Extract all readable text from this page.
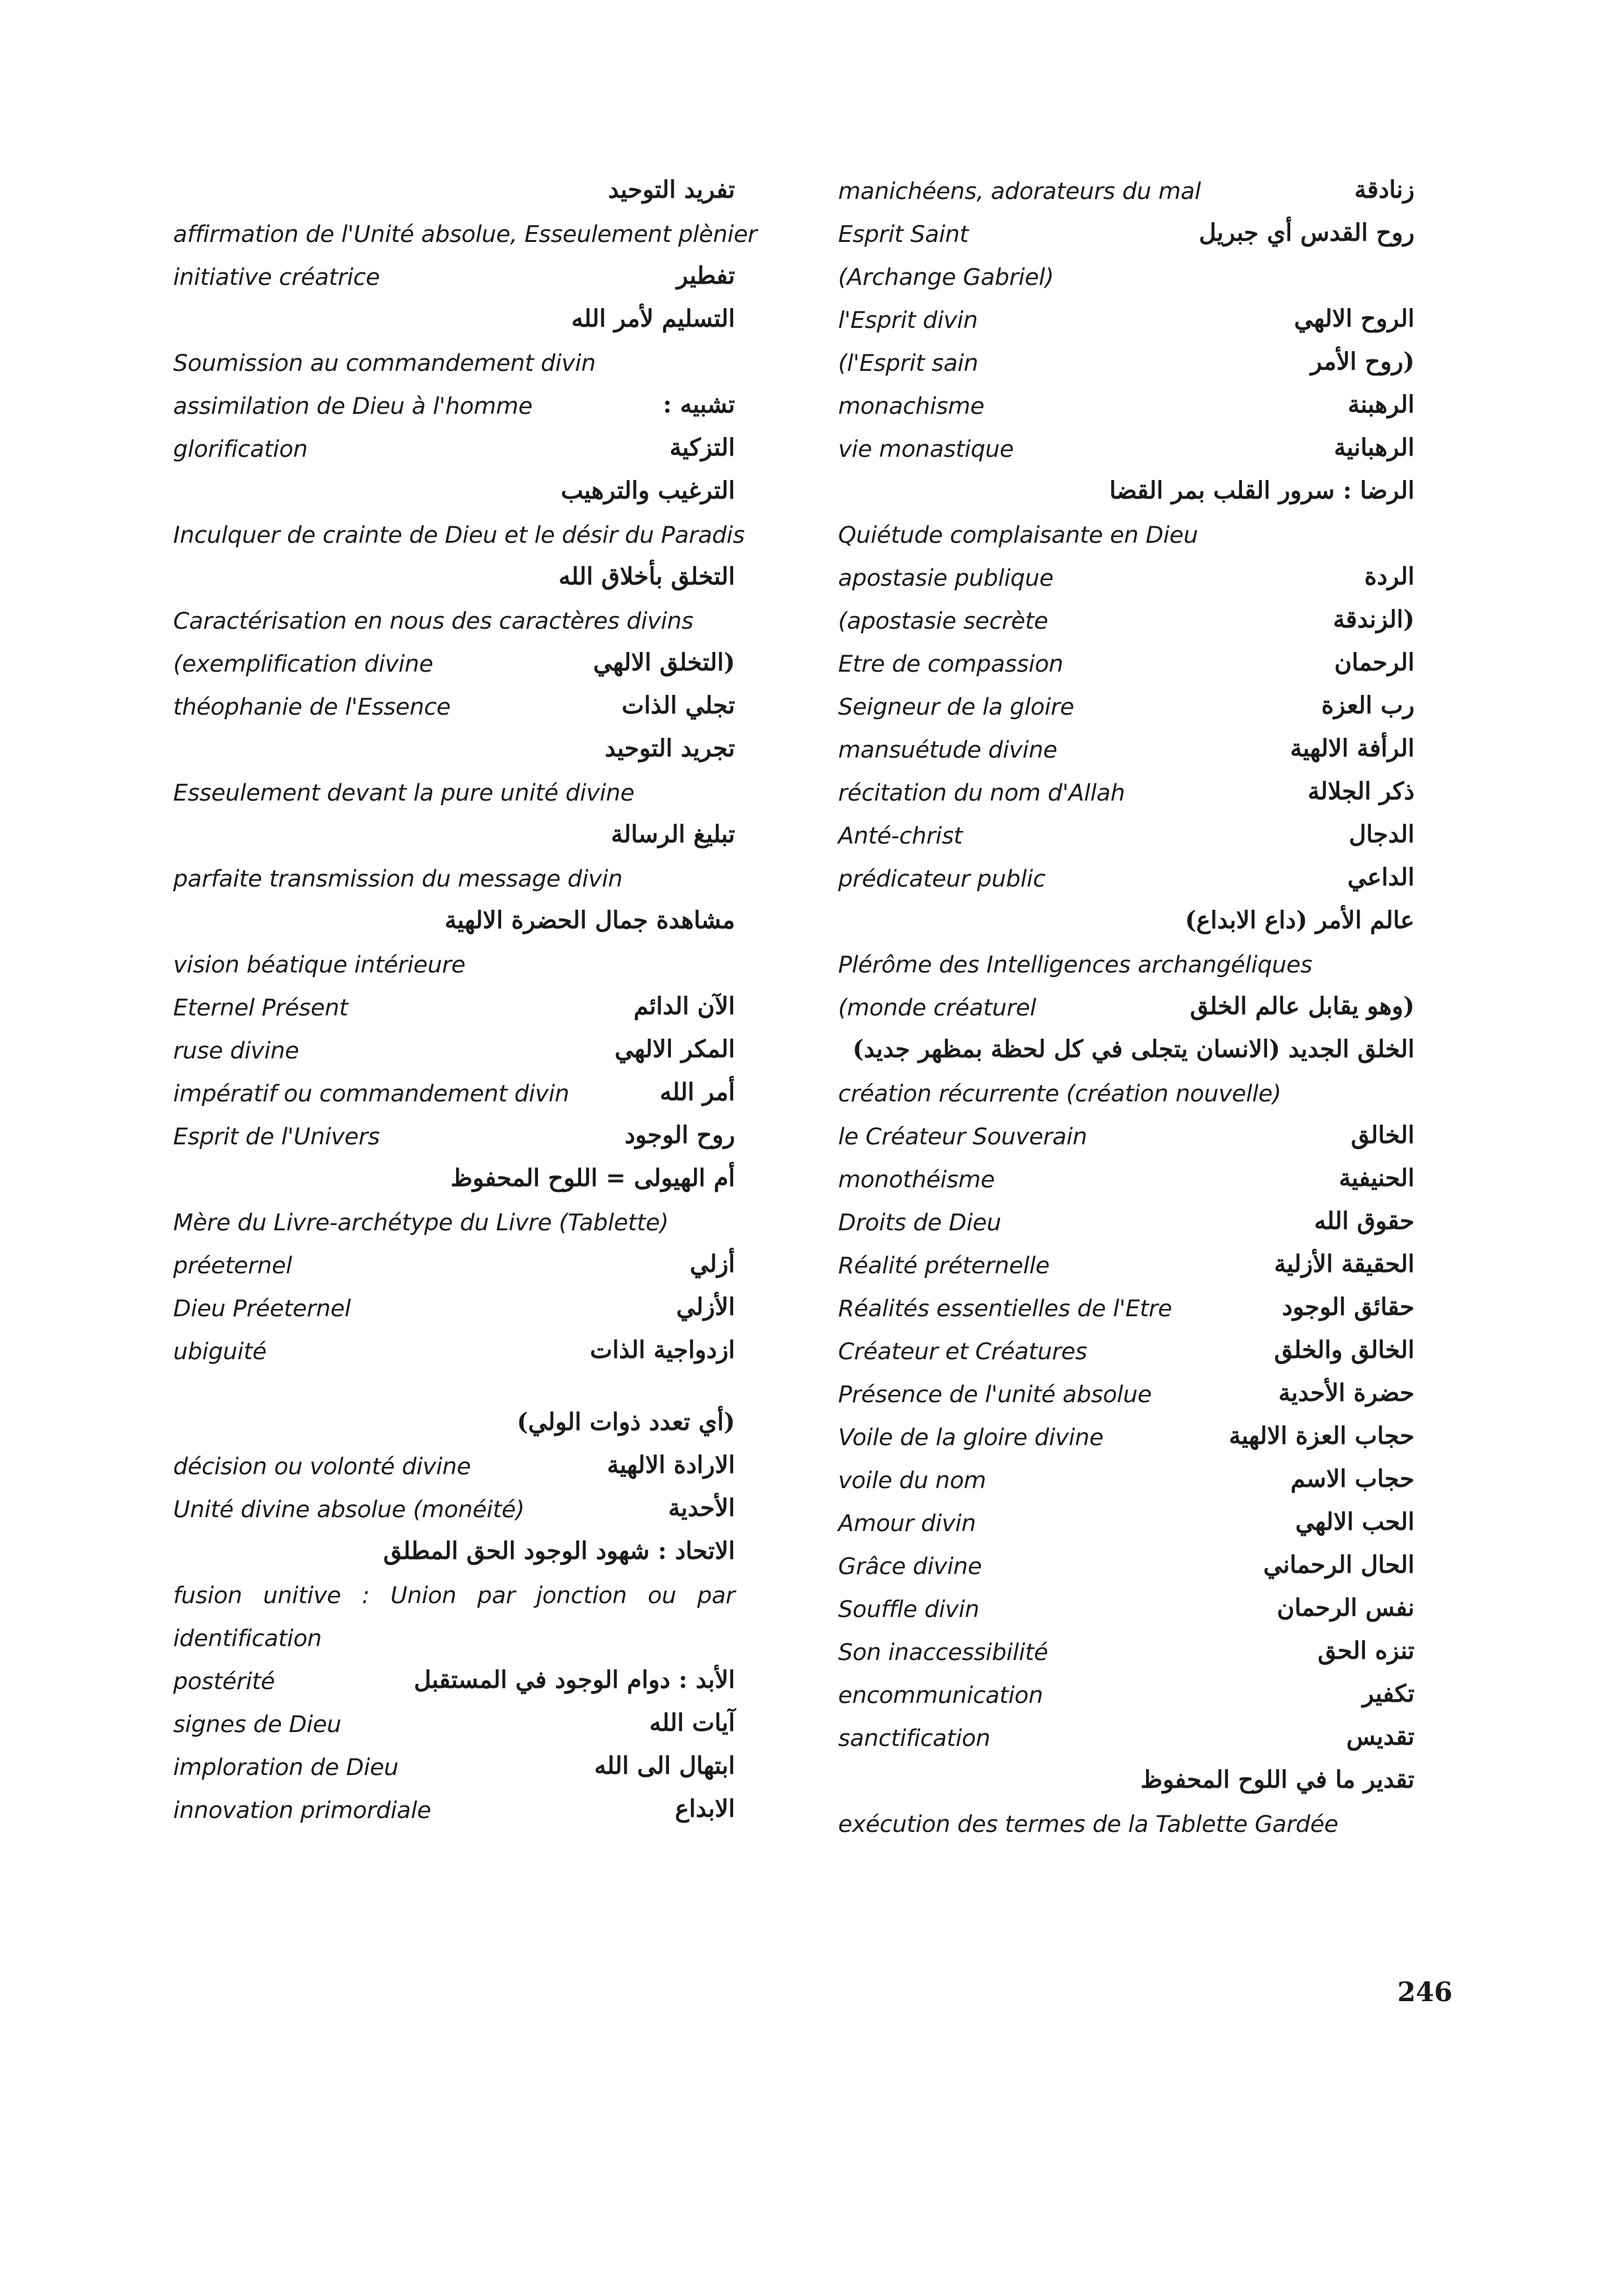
تفريد التوحيد
affirmation de l'Unité absolue, Esseulement plènier
تفطير
initiative créatrice
التسليم لأمر الله
Soumission au commandement divin
تشبيه :
assimilation de Dieu à l'homme
التزكية
glorification
الترغيب والترهيب
Inculquer de crainte de Dieu et le désir du Paradis
التخلق بأخلاق الله
Caractérisation en nous des caractères divins
(التخلق الالهي
(exemplification divine
تجلي الذات
théophanie de l'Essence
تجريد التوحيد
Esseulement devant la pure unité divine
تبليغ الرسالة
parfaite transmission du message divin
مشاهدة جمال الحضرة الالهية
vision béatique intérieure
الآن الدائم
Eternel Présent
المكر الالهي
ruse divine
أمر الله
impératif ou commandement divin
روح الوجود
Esprit de l'Univers
أم الهيولى = اللوح المحفوظ
Mère du Livre-archétype du Livre (Tablette)
أزلي
préeternel
الأزلي
Dieu Préeternel
ازدواجية الذات
ubiguité
(أي تعدد ذوات الولي)
الارادة الالهية
décision ou volonté divine
الأحدية
Unité divine absolue (monéité)
الاتحاد : شهود الوجود الحق المطلق
fusion unitive : Union par jonction ou par
identification
الأبد : دوام الوجود في المستقبل
postérité
آيات الله
signes de Dieu
ابتهال الى الله
imploration de Dieu
الابداع
innovation primordiale
زنادقة
manichéens, adorateurs du mal
روح القدس أي جبريل
Esprit Saint
(Archange Gabriel)
الروح الالهي
l'Esprit divin
(روح الأمر
(l'Esprit sain
الرهبنة
monachisme
الرهبانية
vie monastique
الرضا : سرور القلب بمر القضا
Quiétude complaisante en Dieu
الردة
apostasie publique
(الزندقة
(apostasie secrète
الرحمان
Etre de compassion
رب العزة
Seigneur de la gloire
الرأفة الالهية
mansuétude divine
ذكر الجلالة
récitation du nom d'Allah
الدجال
Anté-christ
الداعي
prédicateur public
عالم الأمر (داع الابداع)
Plérôme des Intelligences archangéliques
(وهو يقابل عالم الخلق
(monde créaturel
الخلق الجديد (الانسان يتجلى في كل لحظة بمظهر جديد)
création récurrente (création nouvelle)
الخالق
le Créateur Souverain
الحنيفية
monothéisme
حقوق الله
Droits de Dieu
الحقيقة الأزلية
Réalité préternelle
حقائق الوجود
Réalités essentielles de l'Etre
الخالق والخلق
Créateur et Créatures
حضرة الأحدية
Présence de l'unité absolue
حجاب العزة الالهية
Voile de la gloire divine
حجاب الاسم
voile du nom
الحب الالهي
Amour divin
الحال الرحماني
Grâce divine
نفس الرحمان
Souffle divin
تنزه الحق
Son inaccessibilité
تكفير
encommunication
تقديس
sanctification
تقدير ما في اللوح المحفوظ
exécution des termes de la Tablette Gardée
246
